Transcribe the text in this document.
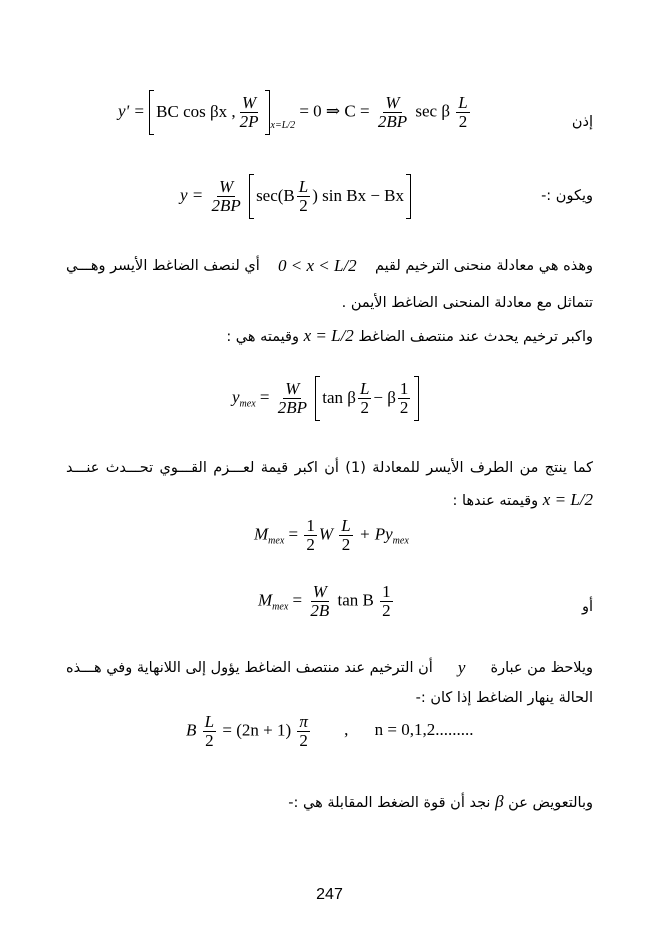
y' = BC cos βx , $\frac{W}{2P} _{x=L/2} = 0$ ⇒ $C = \frac{W}{2BP}$ sec β $\frac{L}{2}$	إذن
$y = \frac{W}{2BP}$
$\sec(B \frac{L}{2}$ ) sin Bx − Bx	ويكون :-
وهذه هي معادلة منحنى الترخيم لقيم
0 < x < L/2
أي لنصف الضاغط الأيسر وهـــي
تتماثل مع معادلة المنحنى الضاغط الأيمن .
واكبر ترخيم يحدث عند منتصف الضاغط x = L/2 وقيمته هي :
$y_{mex} = \frac{W}{2BP}$
tan β $\frac{L}{2} - \beta \frac{1}{2}$
كما ينتج من الطرف الأيسر للمعادلة (1) أن اكبر قيمة لعـــزم القـــوي تحـــدث عنـــد
x = L/2 وقيمته عندها :
$M_{mex} = \frac{1}{2}$ W $\frac{L}{2} + Py_{mex}$
$M_{mex} = \frac{W}{2B}$ tan B $\frac{1}{2}$	أو
ويلاحظ من عبارة
y
أن الترخيم عند منتصف الضاغط يؤول إلى اللانهاية وفي هـــذه
الحالة ينهار الضاغط إذا كان :-
B $\frac{L}{2} = (2n + 1) \frac{\pi}{2}$ , n = 0,1,2.........
وبالتعويض عن β نجد أن قوة الضغط المقابلة هي :-
247
